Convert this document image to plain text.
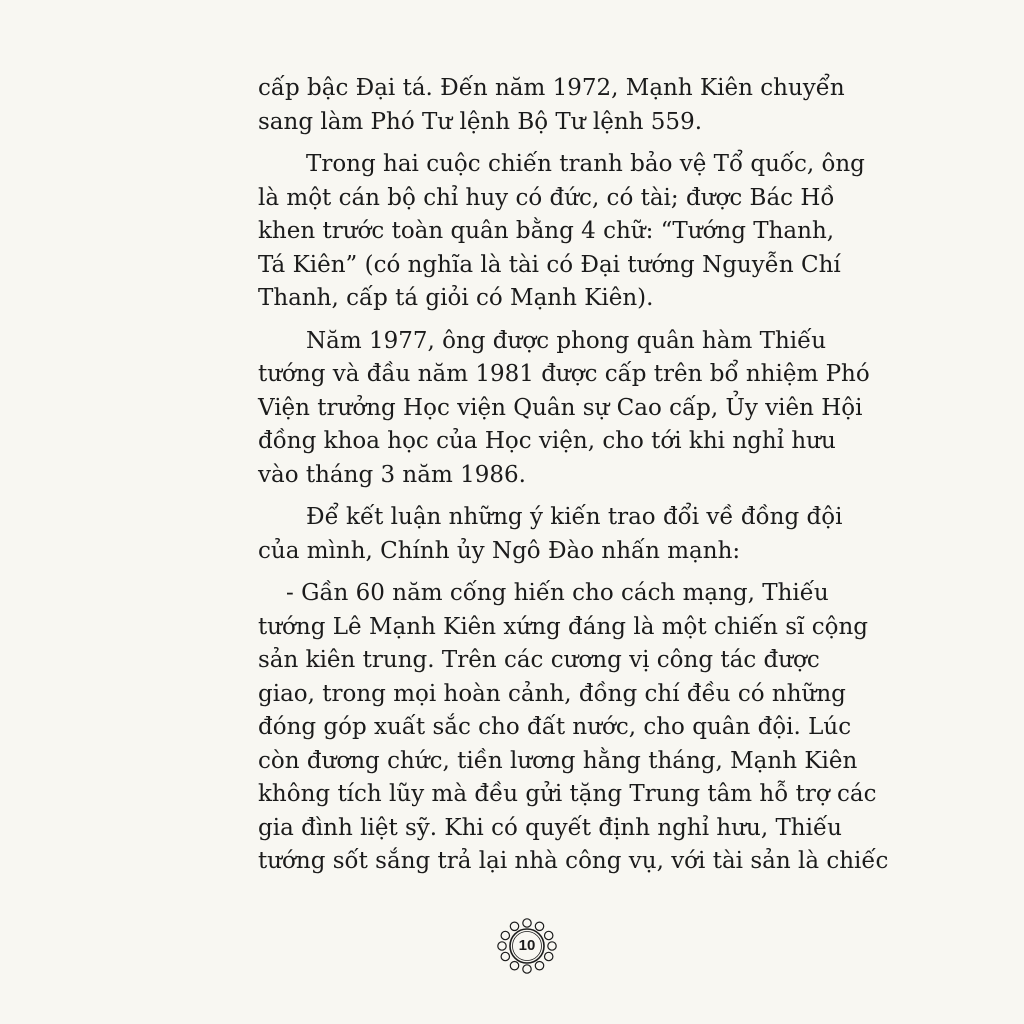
cấp bậc Đại tá. Đến năm 1972, Mạnh Kiên chuyển
sang làm Phó Tư lệnh Bộ Tư lệnh 559.
Trong hai cuộc chiến tranh bảo vệ Tổ quốc, ông
là một cán bộ chỉ huy có đức, có tài; được Bác Hồ
khen trước toàn quân bằng 4 chữ: “Tướng Thanh,
Tá Kiên” (có nghĩa là tài có Đại tướng Nguyễn Chí
Thanh, cấp tá giỏi có Mạnh Kiên).
Năm 1977, ông được phong quân hàm Thiếu
tướng và đầu năm 1981 được cấp trên bổ nhiệm Phó
Viện trưởng Học viện Quân sự Cao cấp, Ủy viên Hội
đồng khoa học của Học viện, cho tới khi nghỉ hưu
vào tháng 3 năm 1986.
Để kết luận những ý kiến trao đổi về đồng đội
của mình, Chính ủy Ngô Đào nhấn mạnh:
- Gần 60 năm cống hiến cho cách mạng, Thiếu
tướng Lê Mạnh Kiên xứng đáng là một chiến sĩ cộng
sản kiên trung. Trên các cương vị công tác được
giao, trong mọi hoàn cảnh, đồng chí đều có những
đóng góp xuất sắc cho đất nước, cho quân đội. Lúc
còn đương chức, tiền lương hằng tháng, Mạnh Kiên
không tích lũy mà đều gửi tặng Trung tâm hỗ trợ các
gia đình liệt sỹ. Khi có quyết định nghỉ hưu, Thiếu
tướng sốt sắng trả lại nhà công vụ, với tài sản là chiếc
10
